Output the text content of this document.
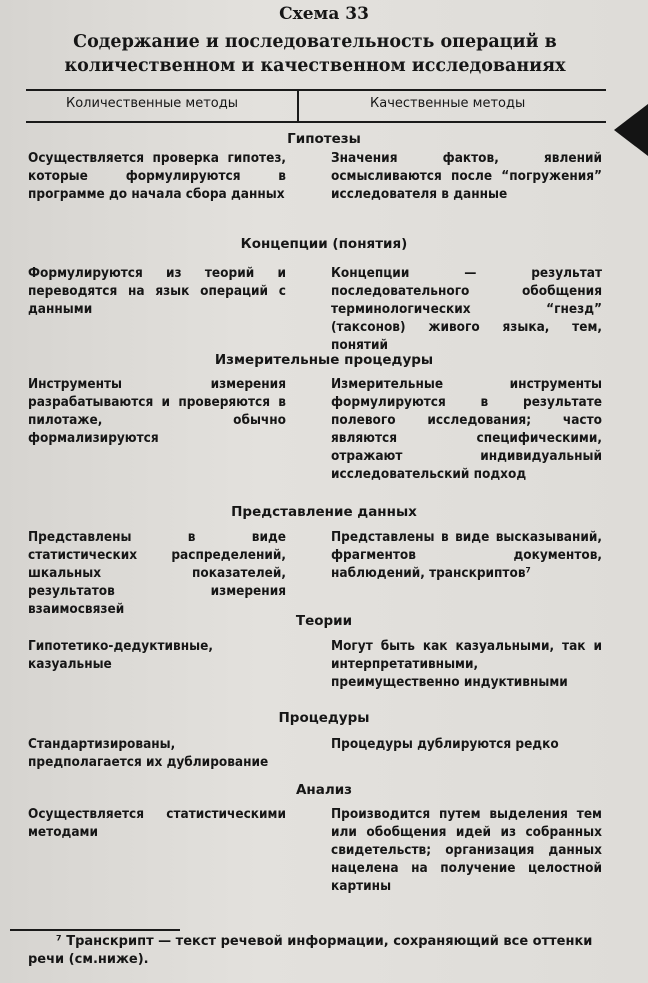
Схема 33
Содержание и последовательность операций в количественном и качественном исследованиях
Количественные методы	Качественные методы
Гипотезы
Осуществляется проверка гипотез, которые формулируются в программе до начала сбора данных
Значения фактов, явлений осмысливаются после “погружения” исследователя в данные
Концепции (понятия)
Формулируются из теорий и переводятся на язык операций с данными
Концепции — результат последовательного обобщения терминологических “гнезд” (таксонов) живого языка, тем, понятий
Измерительные процедуры
Инструменты измерения разрабатываются и проверяются в пилотаже, обычно формализируются
Измерительные инструменты формулируются в результате полевого исследования; часто являются специфическими, отражают индивидуальный исследовательский подход
Представление данных
Представлены в виде статистических распределений, шкальных показателей, результатов измерения взаимосвязей
Представлены в виде высказываний, фрагментов документов, наблюдений, транскриптов⁷
Теории
Гипотетико-дедуктивные, казуальные
Могут быть как казуальными, так и интерпретативными, преимущественно индуктивными
Процедуры
Стандартизированы, предполагается их дублирование
Процедуры дублируются редко
Анализ
Осуществляется статистическими методами
Производится путем выделения тем или обобщения идей из собранных свидетельств; организация данных нацелена на получение целостной картины
⁷ Транскрипт — текст речевой информации, сохраняющий все оттенки речи (см.ниже).
